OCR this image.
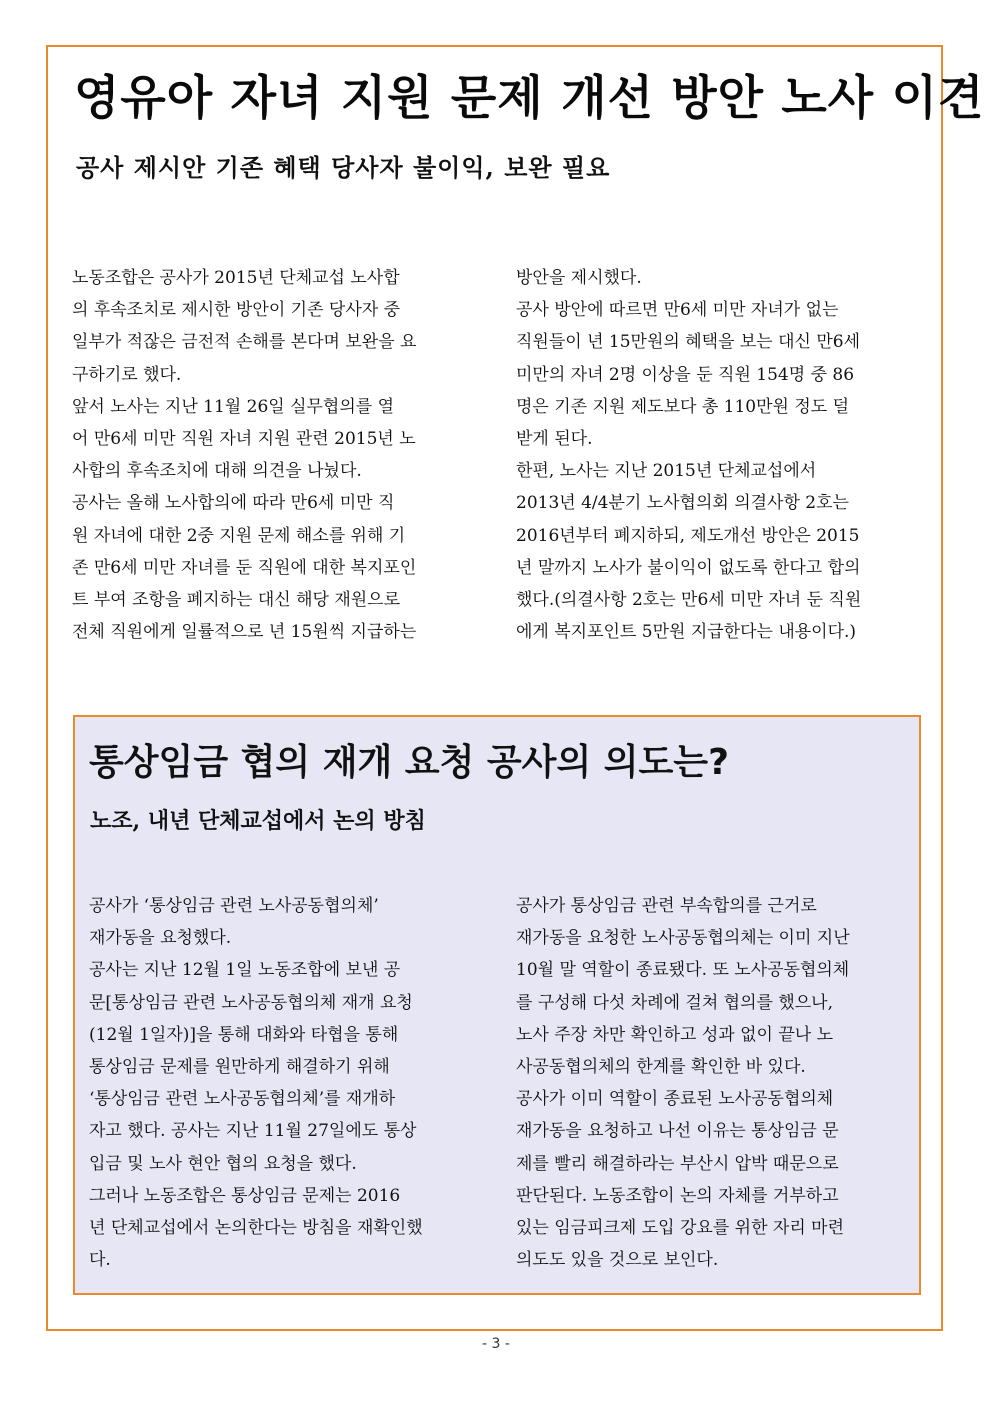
영유아 자녀 지원 문제 개선 방안 노사 이견
공사 제시안 기존 혜택 당사자 불이익, 보완 필요
노동조합은 공사가 2015년 단체교섭 노사합
의 후속조치로 제시한 방안이 기존 당사자 중
일부가 적잖은 금전적 손해를 본다며 보완을 요
구하기로 했다.
앞서 노사는 지난 11월 26일 실무협의를 열
어 만6세 미만 직원 자녀 지원 관련 2015년 노
사합의 후속조치에 대해 의견을 나눴다.
공사는 올해 노사합의에 따라 만6세 미만 직
원 자녀에 대한 2중 지원 문제 해소를 위해 기
존 만6세 미만 자녀를 둔 직원에 대한 복지포인
트 부여 조항을 폐지하는 대신 해당 재원으로
전체 직원에게 일률적으로 년 15원씩 지급하는
방안을 제시했다.
공사 방안에 따르면 만6세 미만 자녀가 없는
직원들이 년 15만원의 혜택을 보는 대신 만6세
미만의 자녀 2명 이상을 둔 직원 154명 중 86
명은 기존 지원 제도보다 총 110만원 정도 덜
받게 된다.
한편, 노사는 지난 2015년 단체교섭에서
2013년 4/4분기 노사협의회 의결사항 2호는
2016년부터 폐지하되, 제도개선 방안은 2015
년 말까지 노사가 불이익이 없도록 한다고 합의
했다.(의결사항 2호는 만6세 미만 자녀 둔 직원
에게 복지포인트 5만원 지급한다는 내용이다.)
통상임금 협의 재개 요청 공사의 의도는?
노조, 내년 단체교섭에서 논의 방침
공사가 ‘통상임금 관련 노사공동협의체’
재가동을 요청했다.
공사는 지난 12월 1일 노동조합에 보낸 공
문[통상임금 관련 노사공동협의체 재개 요청
(12월 1일자)]을 통해 대화와 타협을 통해
통상임금 문제를 원만하게 해결하기 위해
‘통상임금 관련 노사공동협의체’를 재개하
자고 했다. 공사는 지난 11월 27일에도 통상
입금 및 노사 현안 협의 요청을 했다.
그러나 노동조합은 통상임금 문제는 2016
년 단체교섭에서 논의한다는 방침을 재확인했
다.
공사가 통상임금 관련 부속합의를 근거로
재가동을 요청한 노사공동협의체는 이미 지난
10월 말 역할이 종료됐다. 또 노사공동협의체
를 구성해 다섯 차례에 걸쳐 협의를 했으나,
노사 주장 차만 확인하고 성과 없이 끝나 노
사공동협의체의 한계를 확인한 바 있다.
공사가 이미 역할이 종료된 노사공동협의체
재가동을 요청하고 나선 이유는 통상임금 문
제를 빨리 해결하라는 부산시 압박 때문으로
판단된다. 노동조합이 논의 자체를 거부하고
있는 임금피크제 도입 강요를 위한 자리 마련
의도도 있을 것으로 보인다.
- 3 -
